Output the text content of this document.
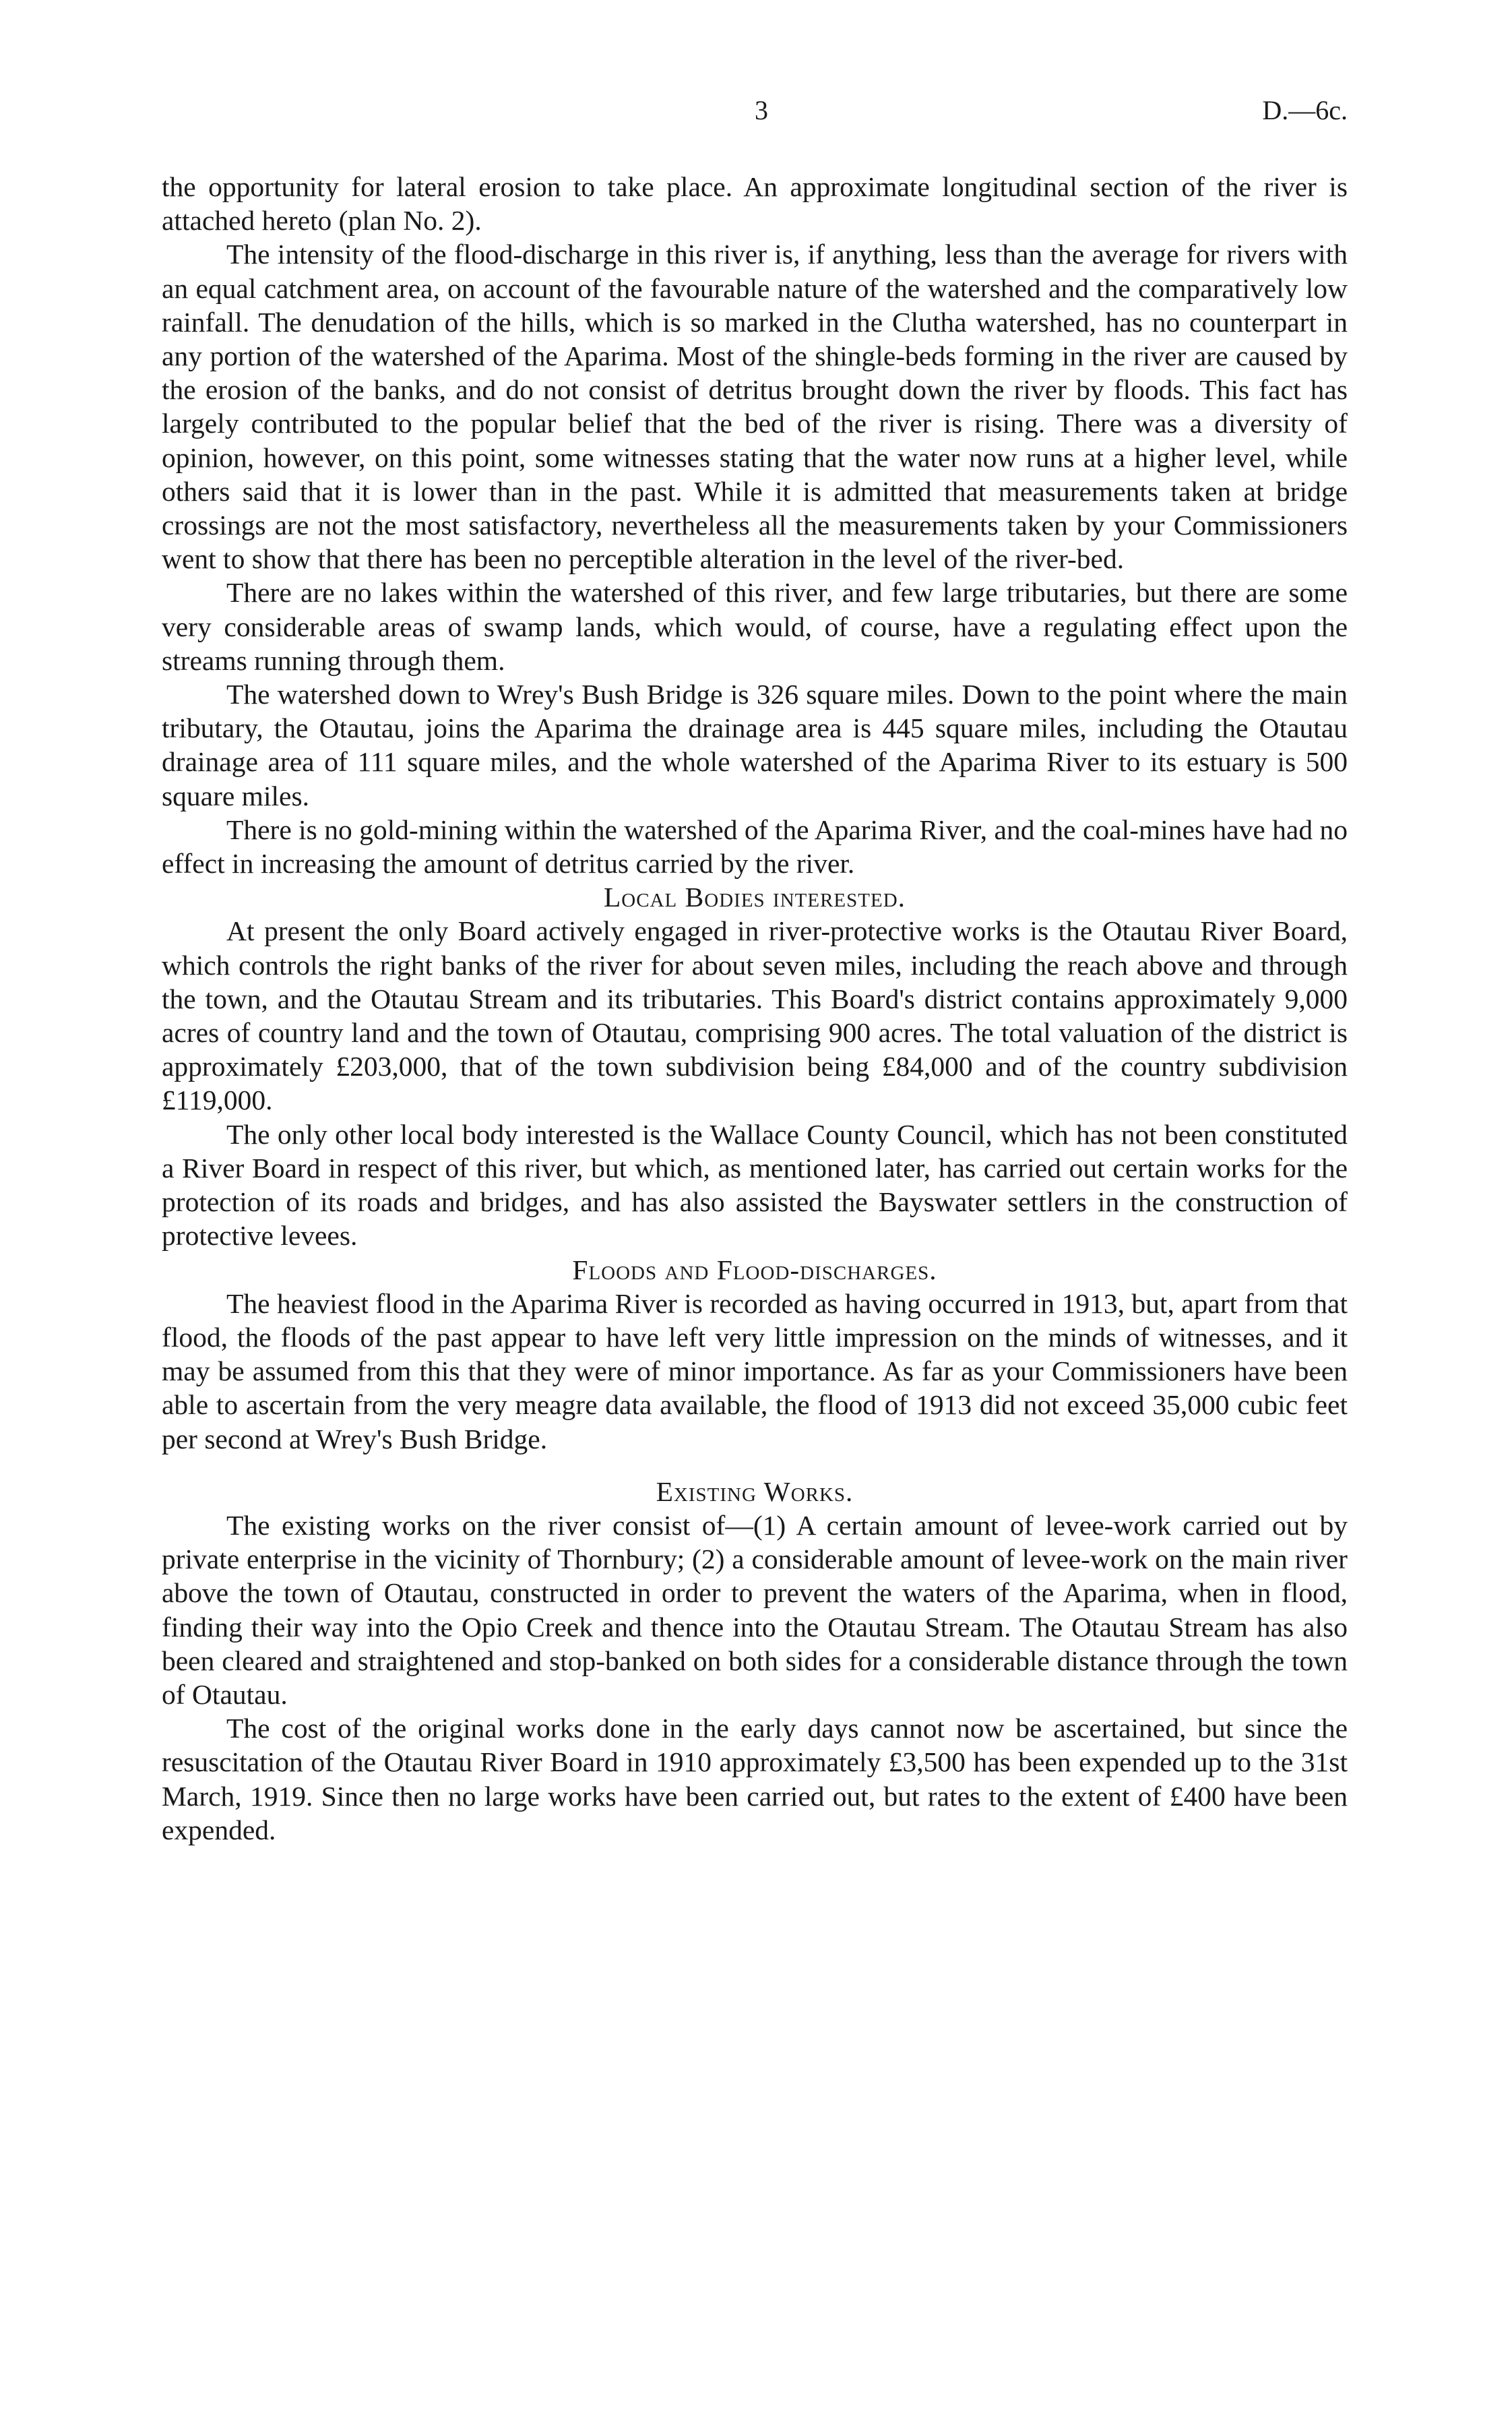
3	D.—6c.

the opportunity for lateral erosion to take place. An approximate longitudinal section of the river is attached hereto (plan No. 2).

The intensity of the flood-discharge in this river is, if anything, less than the average for rivers with an equal catchment area, on account of the favourable nature of the watershed and the comparatively low rainfall. The denudation of the hills, which is so marked in the Clutha watershed, has no counterpart in any portion of the watershed of the Aparima. Most of the shingle-beds forming in the river are caused by the erosion of the banks, and do not consist of detritus brought down the river by floods. This fact has largely contributed to the popular belief that the bed of the river is rising. There was a diversity of opinion, however, on this point, some witnesses stating that the water now runs at a higher level, while others said that it is lower than in the past. While it is admitted that measurements taken at bridge crossings are not the most satisfactory, nevertheless all the measurements taken by your Commissioners went to show that there has been no perceptible alteration in the level of the river-bed.

There are no lakes within the watershed of this river, and few large tributaries, but there are some very considerable areas of swamp lands, which would, of course, have a regulating effect upon the streams running through them.

The watershed down to Wrey's Bush Bridge is 326 square miles. Down to the point where the main tributary, the Otautau, joins the Aparima the drainage area is 445 square miles, including the Otautau drainage area of 111 square miles, and the whole watershed of the Aparima River to its estuary is 500 square miles.

There is no gold-mining within the watershed of the Aparima River, and the coal-mines have had no effect in increasing the amount of detritus carried by the river.

Local Bodies interested.

At present the only Board actively engaged in river-protective works is the Otautau River Board, which controls the right banks of the river for about seven miles, including the reach above and through the town, and the Otautau Stream and its tributaries. This Board's district contains approximately 9,000 acres of country land and the town of Otautau, comprising 900 acres. The total valuation of the district is approximately £203,000, that of the town subdivision being £84,000 and of the country subdivision £119,000.

The only other local body interested is the Wallace County Council, which has not been constituted a River Board in respect of this river, but which, as mentioned later, has carried out certain works for the protection of its roads and bridges, and has also assisted the Bayswater settlers in the construction of protective levees.

Floods and Flood-discharges.

The heaviest flood in the Aparima River is recorded as having occurred in 1913, but, apart from that flood, the floods of the past appear to have left very little impression on the minds of witnesses, and it may be assumed from this that they were of minor importance. As far as your Commissioners have been able to ascertain from the very meagre data available, the flood of 1913 did not exceed 35,000 cubic feet per second at Wrey's Bush Bridge.

Existing Works.

The existing works on the river consist of—(1) A certain amount of levee-work carried out by private enterprise in the vicinity of Thornbury; (2) a considerable amount of levee-work on the main river above the town of Otautau, constructed in order to prevent the waters of the Aparima, when in flood, finding their way into the Opio Creek and thence into the Otautau Stream. The Otautau Stream has also been cleared and straightened and stop-banked on both sides for a considerable distance through the town of Otautau.

The cost of the original works done in the early days cannot now be ascertained, but since the resuscitation of the Otautau River Board in 1910 approximately £3,500 has been expended up to the 31st March, 1919. Since then no large works have been carried out, but rates to the extent of £400 have been expended.
